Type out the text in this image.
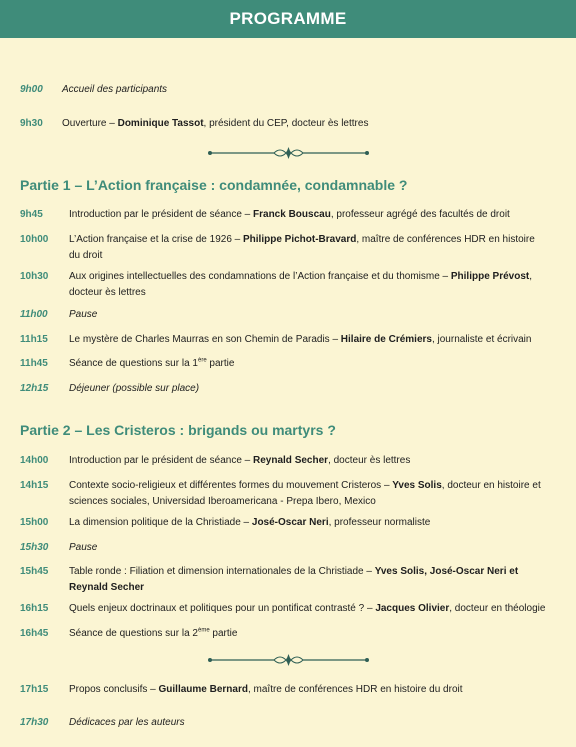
PROGRAMME
9h00 Accueil des participants
9h30 Ouverture – Dominique Tassot, président du CEP, docteur ès lettres
Partie 1 – L’Action française : condamnée, condamnable ?
9h45	Introduction par le président de séance – Franck Bouscau, professeur agrégé des facultés de droit
10h00 L’Action française et la crise de 1926 – Philippe Pichot-Bravard, maître de conférences HDR en histoire du droit
10h30 Aux origines intellectuelles des condamnations de l’Action française et du thomisme – Philippe Prévost, docteur ès lettres
11h00 Pause
11h15 Le mystère de Charles Maurras en son Chemin de Paradis – Hilaire de Crémiers, journaliste et écrivain
11h45 Séance de questions sur la 1ère partie
12h15 Déjeuner (possible sur place)
Partie 2 – Les Cristeros : brigands ou martyrs ?
14h00 Introduction par le président de séance – Reynald Secher, docteur ès lettres
14h15 Contexte socio-religieux et différentes formes du mouvement Cristeros – Yves Solis, docteur en histoire et sciences sociales, Universidad Iberoamericana - Prepa Ibero, Mexico
15h00 La dimension politique de la Christiade – José-Oscar Neri, professeur normaliste
15h30 Pause
15h45 Table ronde : Filiation et dimension internationales de la Christiade – Yves Solis, José-Oscar Neri et Reynald Secher
16h15 Quels enjeux doctrinaux et politiques pour un pontificat contrasté ? – Jacques Olivier, docteur en théologie
16h45 Séance de questions sur la 2ème partie
17h15 Propos conclusifs – Guillaume Bernard, maître de conférences HDR en histoire du droit
17h30 Dédicaces par les auteurs
